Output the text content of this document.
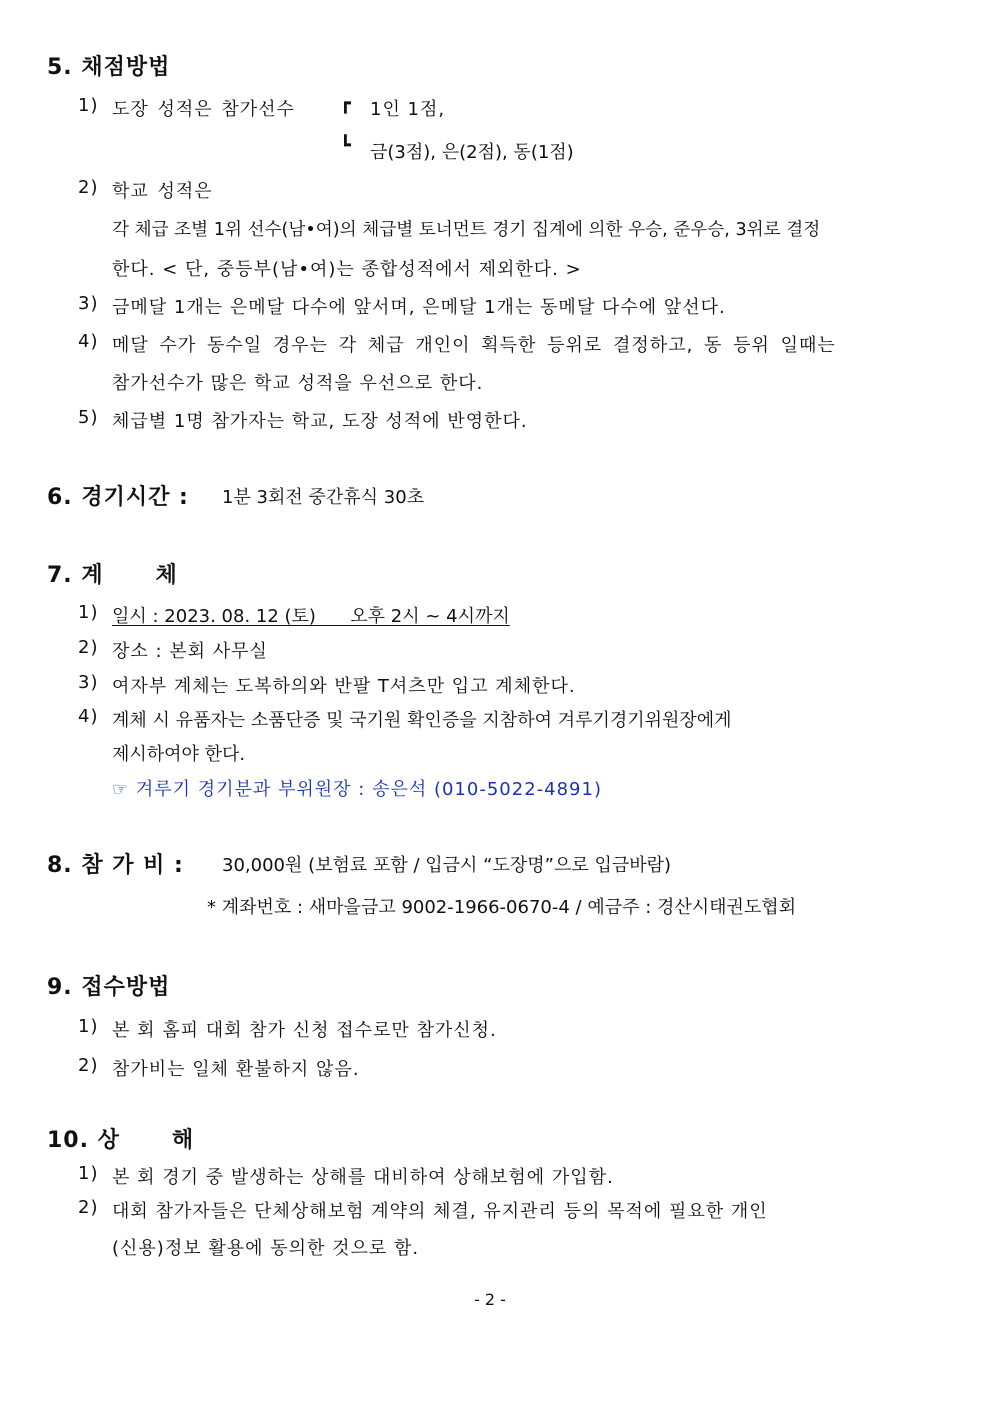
5. 채점방법
1) 도장 성적은 참가선수	┏ 1인 1점,
┗ 금(3점), 은(2점), 동(1점)
2) 학교 성적은
각 체급 조별 1위 선수(남•여)의 체급별 토너먼트 경기 집계에 의한 우승, 준우승, 3위로 결정
한다. < 단, 중등부(남•여)는 종합성적에서 제외한다. >
3) 금메달 1개는 은메달 다수에 앞서며, 은메달 1개는 동메달 다수에 앞선다.
4) 메달 수가 동수일 경우는 각 체급 개인이 획득한 등위로 결정하고, 동 등위 일때는
참가선수가 많은 학교 성적을 우선으로 한다.
5) 체급별 1명 참가자는 학교, 도장 성적에 반영한다.
6. 경기시간 : 1분 3회전 중간휴식 30초
7. 계      체
1) 일시 : 2023. 08. 12 (토)      오후 2시 ~ 4시까지
2) 장소 : 본회 사무실
3) 여자부 계체는 도복하의와 반팔 T셔츠만 입고 계체한다.
4) 계체 시 유품자는 소품단증 및 국기원 확인증을 지참하여 겨루기경기위원장에게
제시하여야 한다.
☞ 겨루기 경기분과 부위원장 : 송은석 (010-5022-4891)
8. 참 가 비 : 30,000원 (보험료 포함 / 입금시 “도장명”으로 입금바람)
* 계좌번호 : 새마을금고 9002-1966-0670-4 / 예금주 : 경산시태권도협회
9. 접수방법
1) 본 회 홈피 대회 참가 신청 접수로만 참가신청.
2) 참가비는 일체 환불하지 않음.
10. 상      해
1) 본 회 경기 중 발생하는 상해를 대비하여 상해보험에 가입함.
2) 대회 참가자들은 단체상해보험 계약의 체결, 유지관리 등의 목적에 필요한 개인
(신용)정보 활용에 동의한 것으로 함.
- 2 -
